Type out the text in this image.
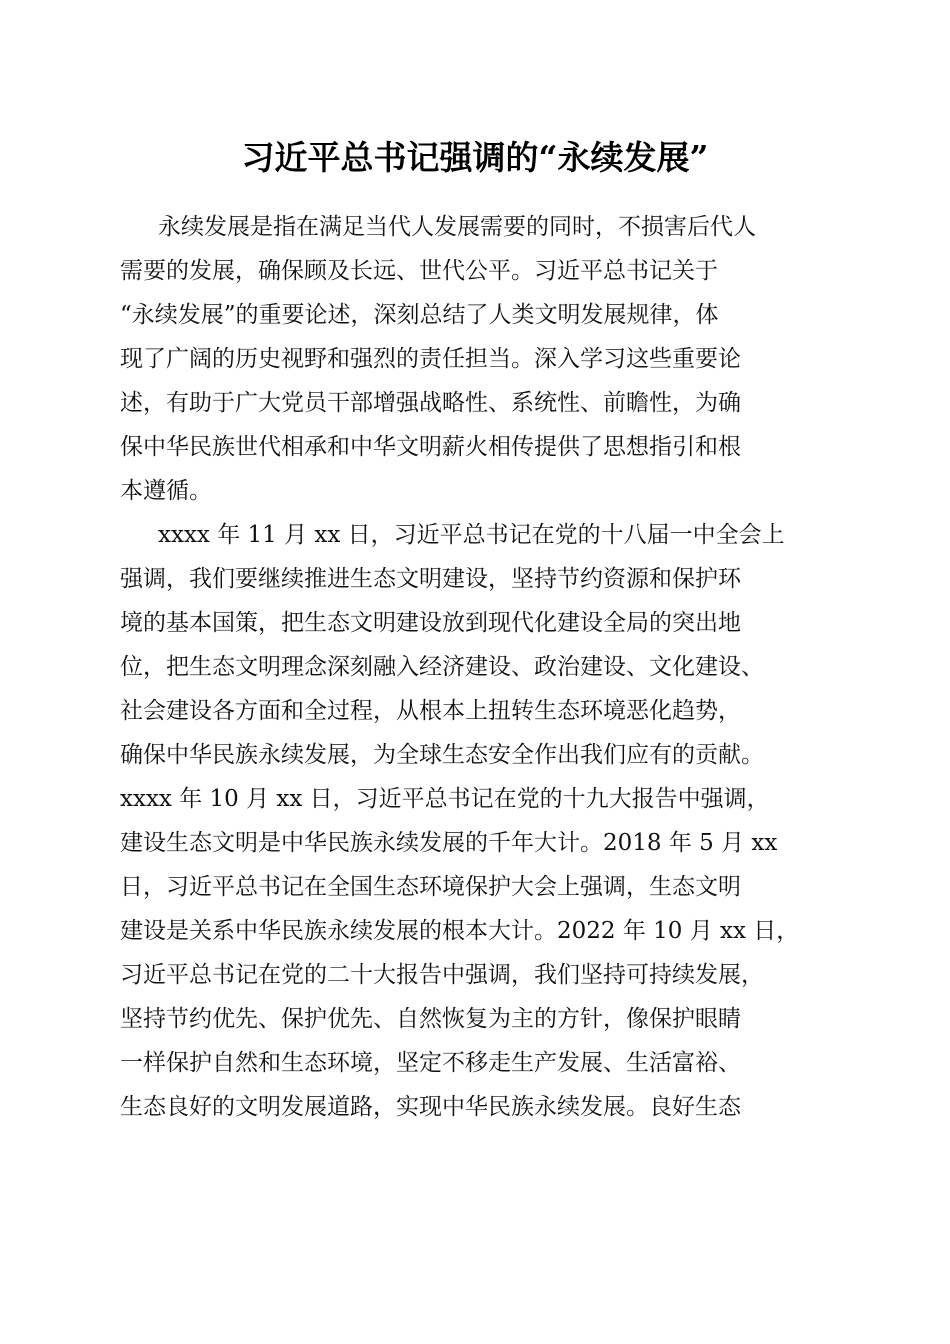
习近平总书记强调的“永续发展”
永续发展是指在满足当代人发展需要的同时，不损害后代人
需要的发展，确保顾及长远、世代公平。习近平总书记关于
“永续发展”的重要论述，深刻总结了人类文明发展规律，体
现了广阔的历史视野和强烈的责任担当。深入学习这些重要论
述，有助于广大党员干部增强战略性、系统性、前瞻性，为确
保中华民族世代相承和中华文明薪火相传提供了思想指引和根
本遵循。
xxxx 年 11 月 xx 日，习近平总书记在党的十八届一中全会上
强调，我们要继续推进生态文明建设，坚持节约资源和保护环
境的基本国策，把生态文明建设放到现代化建设全局的突出地
位，把生态文明理念深刻融入经济建设、政治建设、文化建设、
社会建设各方面和全过程，从根本上扭转生态环境恶化趋势，
确保中华民族永续发展，为全球生态安全作出我们应有的贡献。
xxxx 年 10 月 xx 日，习近平总书记在党的十九大报告中强调，
建设生态文明是中华民族永续发展的千年大计。2018 年 5 月 xx
日，习近平总书记在全国生态环境保护大会上强调，生态文明
建设是关系中华民族永续发展的根本大计。2022 年 10 月 xx 日，
习近平总书记在党的二十大报告中强调，我们坚持可持续发展，
坚持节约优先、保护优先、自然恢复为主的方针，像保护眼睛
一样保护自然和生态环境，坚定不移走生产发展、生活富裕、
生态良好的文明发展道路，实现中华民族永续发展。良好生态
